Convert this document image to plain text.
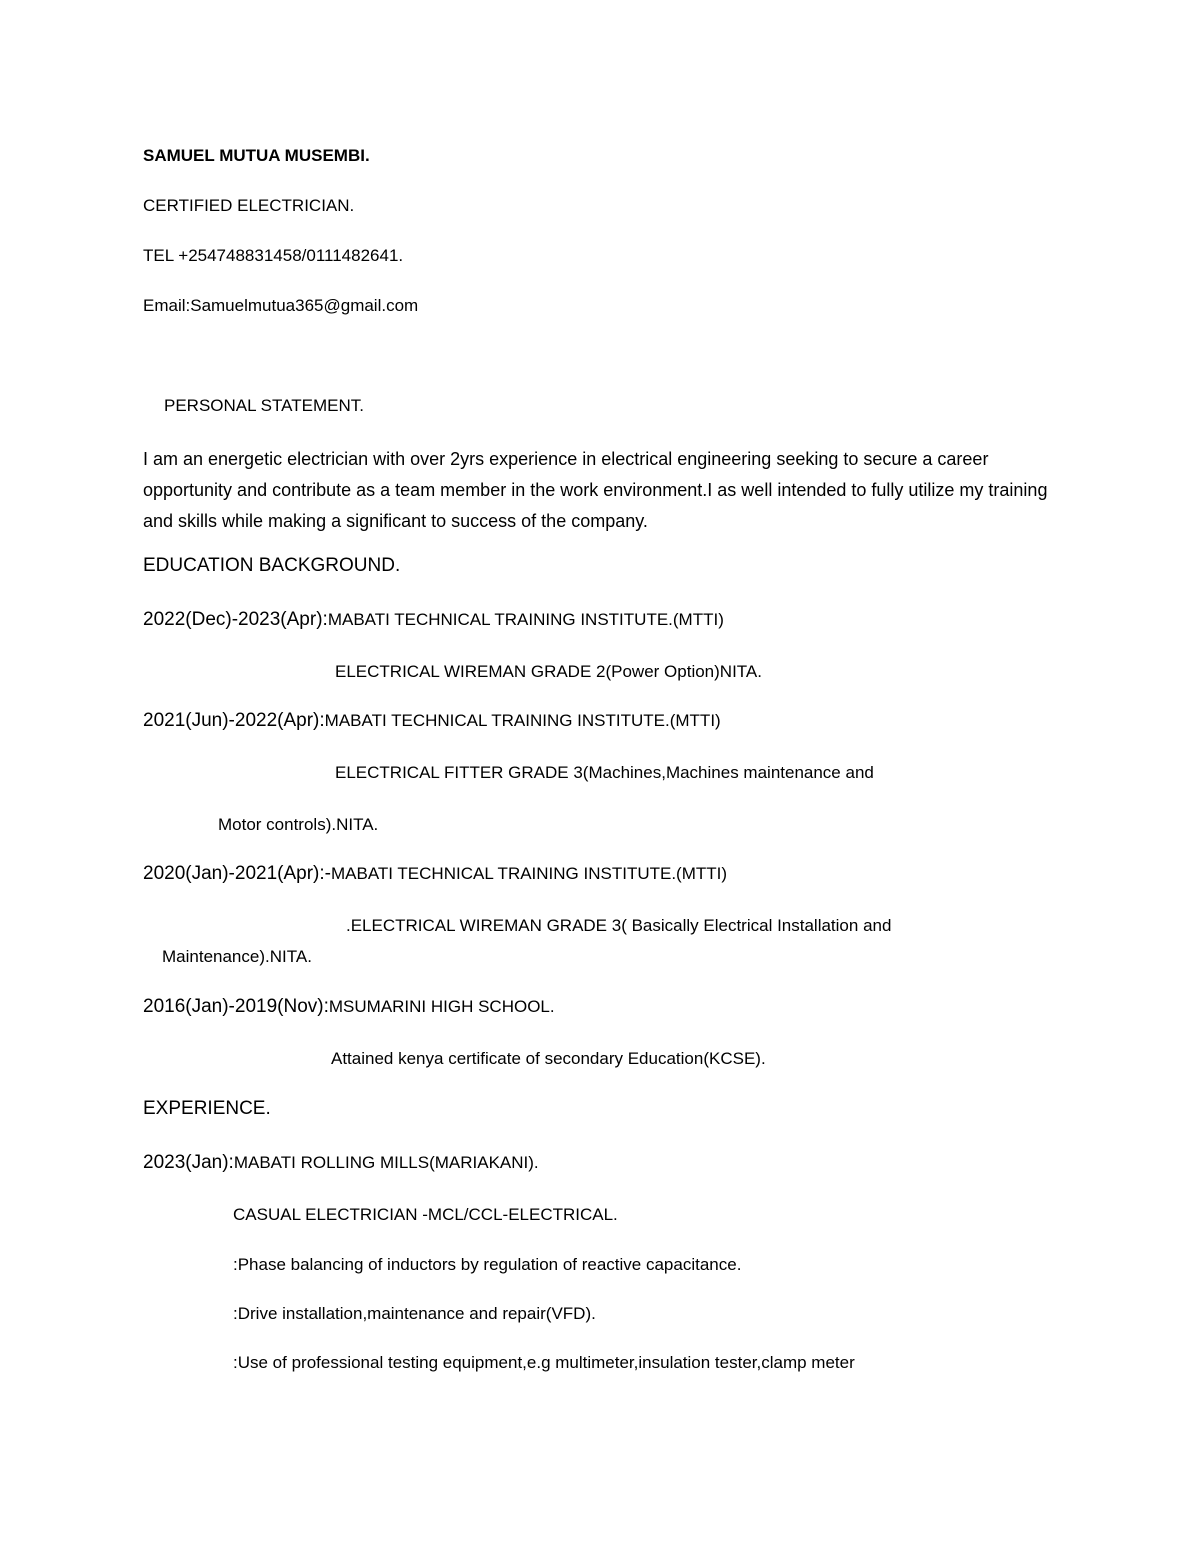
SAMUEL MUTUA MUSEMBI.
CERTIFIED ELECTRICIAN.
TEL +254748831458/0111482641.
Email:Samuelmutua365@gmail.com
PERSONAL STATEMENT.
I am an energetic electrician with over 2yrs experience in electrical engineering seeking to secure a career opportunity and contribute as a team member in the work environment.I as well intended to fully utilize my training and skills while making a significant to success of the company.
EDUCATION BACKGROUND.
2022(Dec)-2023(Apr):MABATI TECHNICAL TRAINING INSTITUTE.(MTTI)
ELECTRICAL WIREMAN GRADE 2(Power Option)NITA.
2021(Jun)-2022(Apr):MABATI TECHNICAL TRAINING INSTITUTE.(MTTI)
ELECTRICAL FITTER GRADE 3(Machines,Machines maintenance and
Motor controls).NITA.
2020(Jan)-2021(Apr):-MABATI TECHNICAL TRAINING INSTITUTE.(MTTI)
.ELECTRICAL WIREMAN GRADE 3( Basically Electrical Installation and
Maintenance).NITA.
2016(Jan)-2019(Nov):MSUMARINI HIGH SCHOOL.
Attained kenya certificate of secondary Education(KCSE).
EXPERIENCE.
2023(Jan):MABATI ROLLING MILLS(MARIAKANI).
CASUAL ELECTRICIAN -MCL/CCL-ELECTRICAL.
:Phase balancing of inductors by regulation of reactive capacitance.
:Drive installation,maintenance and repair(VFD).
:Use of professional testing equipment,e.g multimeter,insulation tester,clamp meter
